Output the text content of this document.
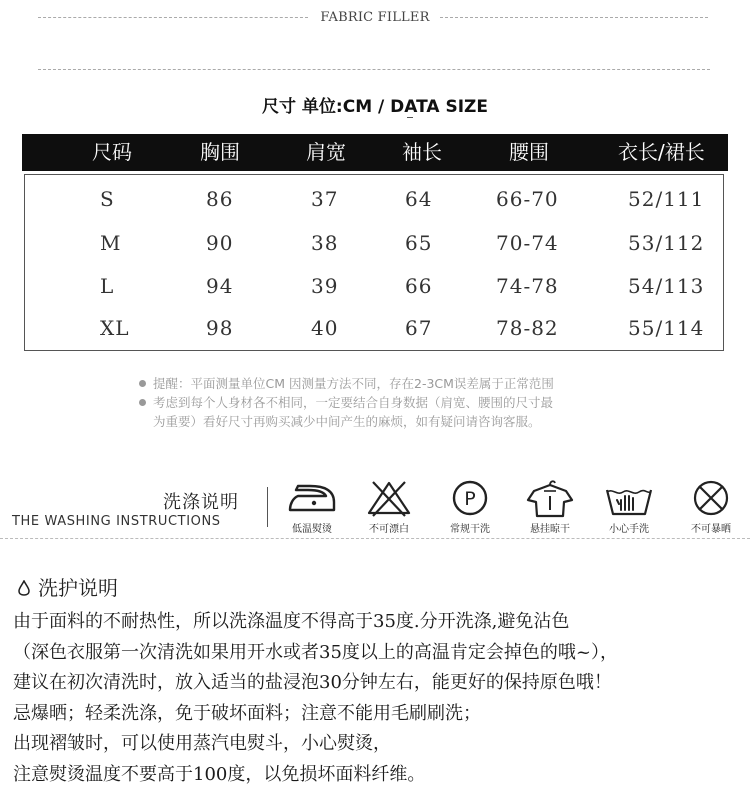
FABRIC FILLER
尺寸 单位:CM / DATA SIZE
尺码	胸围	肩宽	袖长	腰围	衣长/裙长
S	86	37	64	66-70	52/111
M	90	38	65	70-74	53/112
L	94	39	66	74-78	54/113
XL	98	40	67	78-82	55/114
提醒：平面测量单位CM 因测量方法不同，存在2-3CM误差属于正常范围
考虑到每个人身材各不相同，一定要结合自身数据（肩宽、腰围的尺寸最
为重要）看好尺寸再购买减少中间产生的麻烦，如有疑问请咨询客服。
洗涤说明
THE WASHING INSTRUCTIONS
低温熨烫	不可漂白
P
常规干洗	悬挂晾干	小心手洗	不可暴晒
洗护说明
由于面料的不耐热性，所以洗涤温度不得高于35度.分开洗涤,避免沾色
（深色衣服第一次清洗如果用开水或者35度以上的高温肯定会掉色的哦~），
建议在初次清洗时，放入适当的盐浸泡30分钟左右，能更好的保持原色哦！
忌爆晒；轻柔洗涤，免于破坏面料；注意不能用毛刷刷洗；
出现褶皱时，可以使用蒸汽电熨斗，小心熨烫，
注意熨烫温度不要高于100度，以免损坏面料纤维。
